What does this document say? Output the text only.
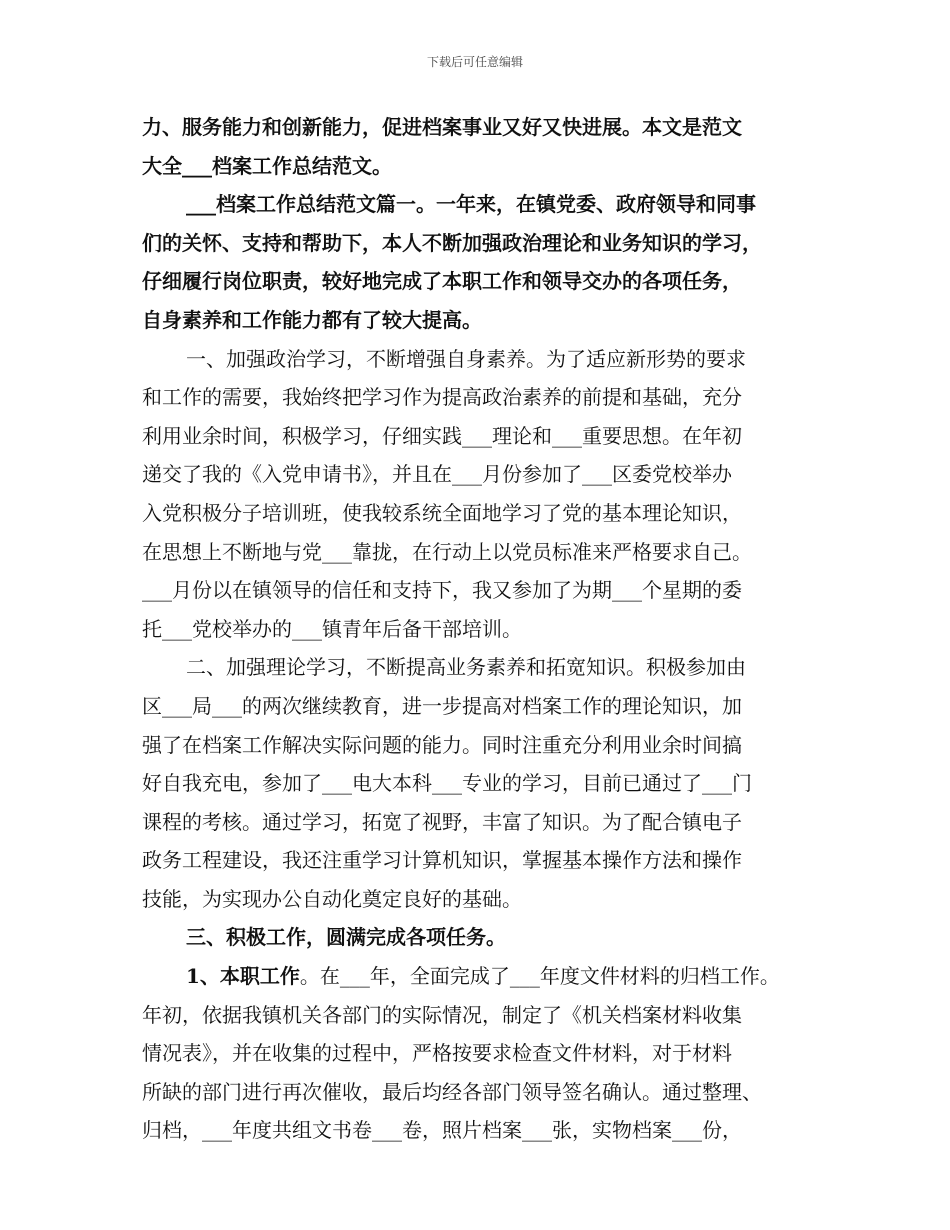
下载后可任意编辑
力、服务能力和创新能力，促进档案事业又好又快进展。本文是范文
大全___档案工作总结范文。
___档案工作总结范文篇一。一年来，在镇党委、政府领导和同事
们的关怀、支持和帮助下，本人不断加强政治理论和业务知识的学习，
仔细履行岗位职责，较好地完成了本职工作和领导交办的各项任务，
自身素养和工作能力都有了较大提高。
一、加强政治学习，不断增强自身素养。为了适应新形势的要求
和工作的需要，我始终把学习作为提高政治素养的前提和基础，充分
利用业余时间，积极学习，仔细实践___理论和___重要思想。在年初
递交了我的《入党申请书》，并且在___月份参加了___区委党校举办
入党积极分子培训班，使我较系统全面地学习了党的基本理论知识，
在思想上不断地与党___靠拢，在行动上以党员标准来严格要求自己。
___月份以在镇领导的信任和支持下，我又参加了为期___个星期的委
托___党校举办的___镇青年后备干部培训。
二、加强理论学习，不断提高业务素养和拓宽知识。积极参加由
区___局___的两次继续教育，进一步提高对档案工作的理论知识，加
强了在档案工作解决实际问题的能力。同时注重充分利用业余时间搞
好自我充电，参加了___电大本科___专业的学习，目前已通过了___门
课程的考核。通过学习，拓宽了视野，丰富了知识。为了配合镇电子
政务工程建设，我还注重学习计算机知识，掌握基本操作方法和操作
技能，为实现办公自动化奠定良好的基础。
三、积极工作，圆满完成各项任务。
1、本职工作。在___年，全面完成了___年度文件材料的归档工作。
年初，依据我镇机关各部门的实际情况，制定了《机关档案材料收集
情况表》，并在收集的过程中，严格按要求检查文件材料，对于材料
所缺的部门进行再次催收，最后均经各部门领导签名确认。通过整理、
归档，___年度共组文书卷___卷，照片档案___张，实物档案___份，
